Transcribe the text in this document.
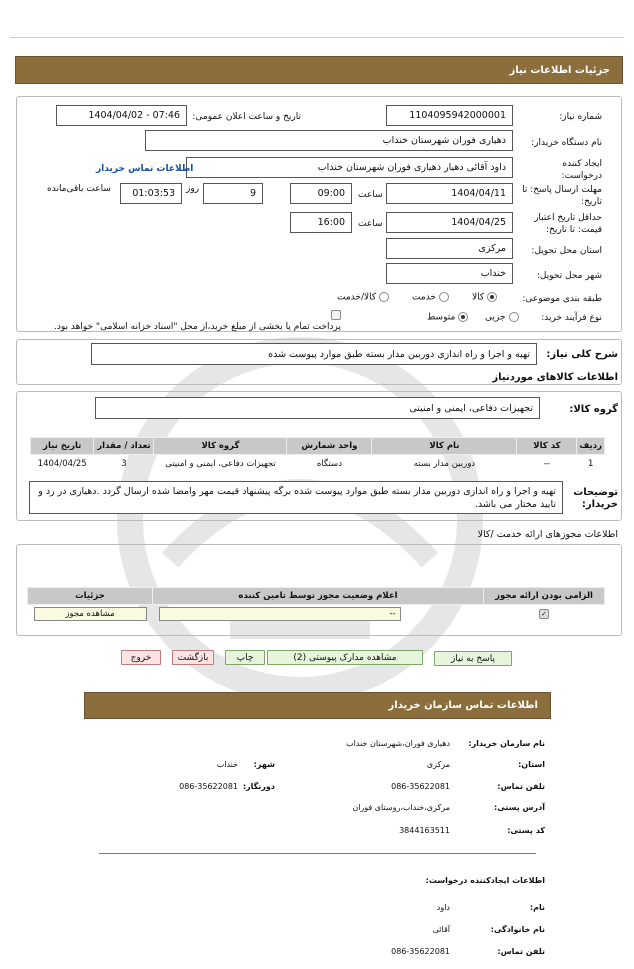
جزئیات اطلاعات نیاز
شماره نیاز:
1104095942000001
تاریخ و ساعت اعلان عمومی:
1404/04/02 - 07:46
نام دستگاه خریدار:
دهیاری فوران شهرستان خنداب
ایجاد کننده درخواست:
داود آقائی دهیار دهیاری فوران شهرستان خنداب
اطلاعات تماس خریدار
مهلت ارسال پاسخ: تا تاریخ:
1404/04/11
ساعت
09:00
9
روز
01:03:53
ساعت باقی‌مانده
حداقل تاریخ اعتبار قیمت: تا تاریخ:
1404/04/25
ساعت
16:00
استان محل تحویل:
مرکزی
شهر محل تحویل:
خنداب
طبقه بندی موضوعی:
کالا
خدمت
کالا/خدمت
نوع فرآیند خرید:
جزیی
متوسط
پرداخت تمام یا بخشی از مبلغ خرید،از محل "اسناد خزانه اسلامی" خواهد بود.
شرح کلی نیاز:
تهیه و اجرا و راه اندازی دوربین مدار بسته طبق موارد پیوست شده
اطلاعات کالاهای موردنیاز
گروه کالا:
تجهیزات دفاعی، ایمنی و امنیتی
ردیف	کد کالا	نام کالا	واحد شمارش	گروه کالا	تعداد / مقدار	تاریخ نیاز
1	--	دوربین مدار بسته	دستگاه	تجهیزات دفاعی، ایمنی و امنیتی	3	1404/04/25
توضیحات خریدار:
تهیه و اجرا و راه اندازی دوربین مدار بسته طبق موارد پیوست شده برگه پیشنهاد قیمت مهر وامضا شده ارسال گردد .دهیاری در رد و تایید مختار می باشد.
اطلاعات مجوزهای ارائه خدمت /کالا
الزامی بودن ارائه مجوز	اعلام وضعیت مجوز توسط تامین کننده	جزئیات
✓	--	مشاهده مجوز
پاسخ به نیاز
مشاهده مدارک پیوستی (2)
چاپ
بازگشت
خروج
اطلاعات تماس سازمان خریدار
نام سازمان خریدار:
دهیاری فوران،شهرستان خنداب
استان:
مرکزی
شهر:
خنداب
تلفن تماس:
086-35622081
دورنگار:
086-35622081
آدرس پستی:
مرکزی،خنداب،روستای فوران
کد پستی:
3844163511
اطلاعات ایجادکننده درخواست:
نام:
داود
نام خانوادگی:
آقائی
تلفن تماس:
086-35622081
